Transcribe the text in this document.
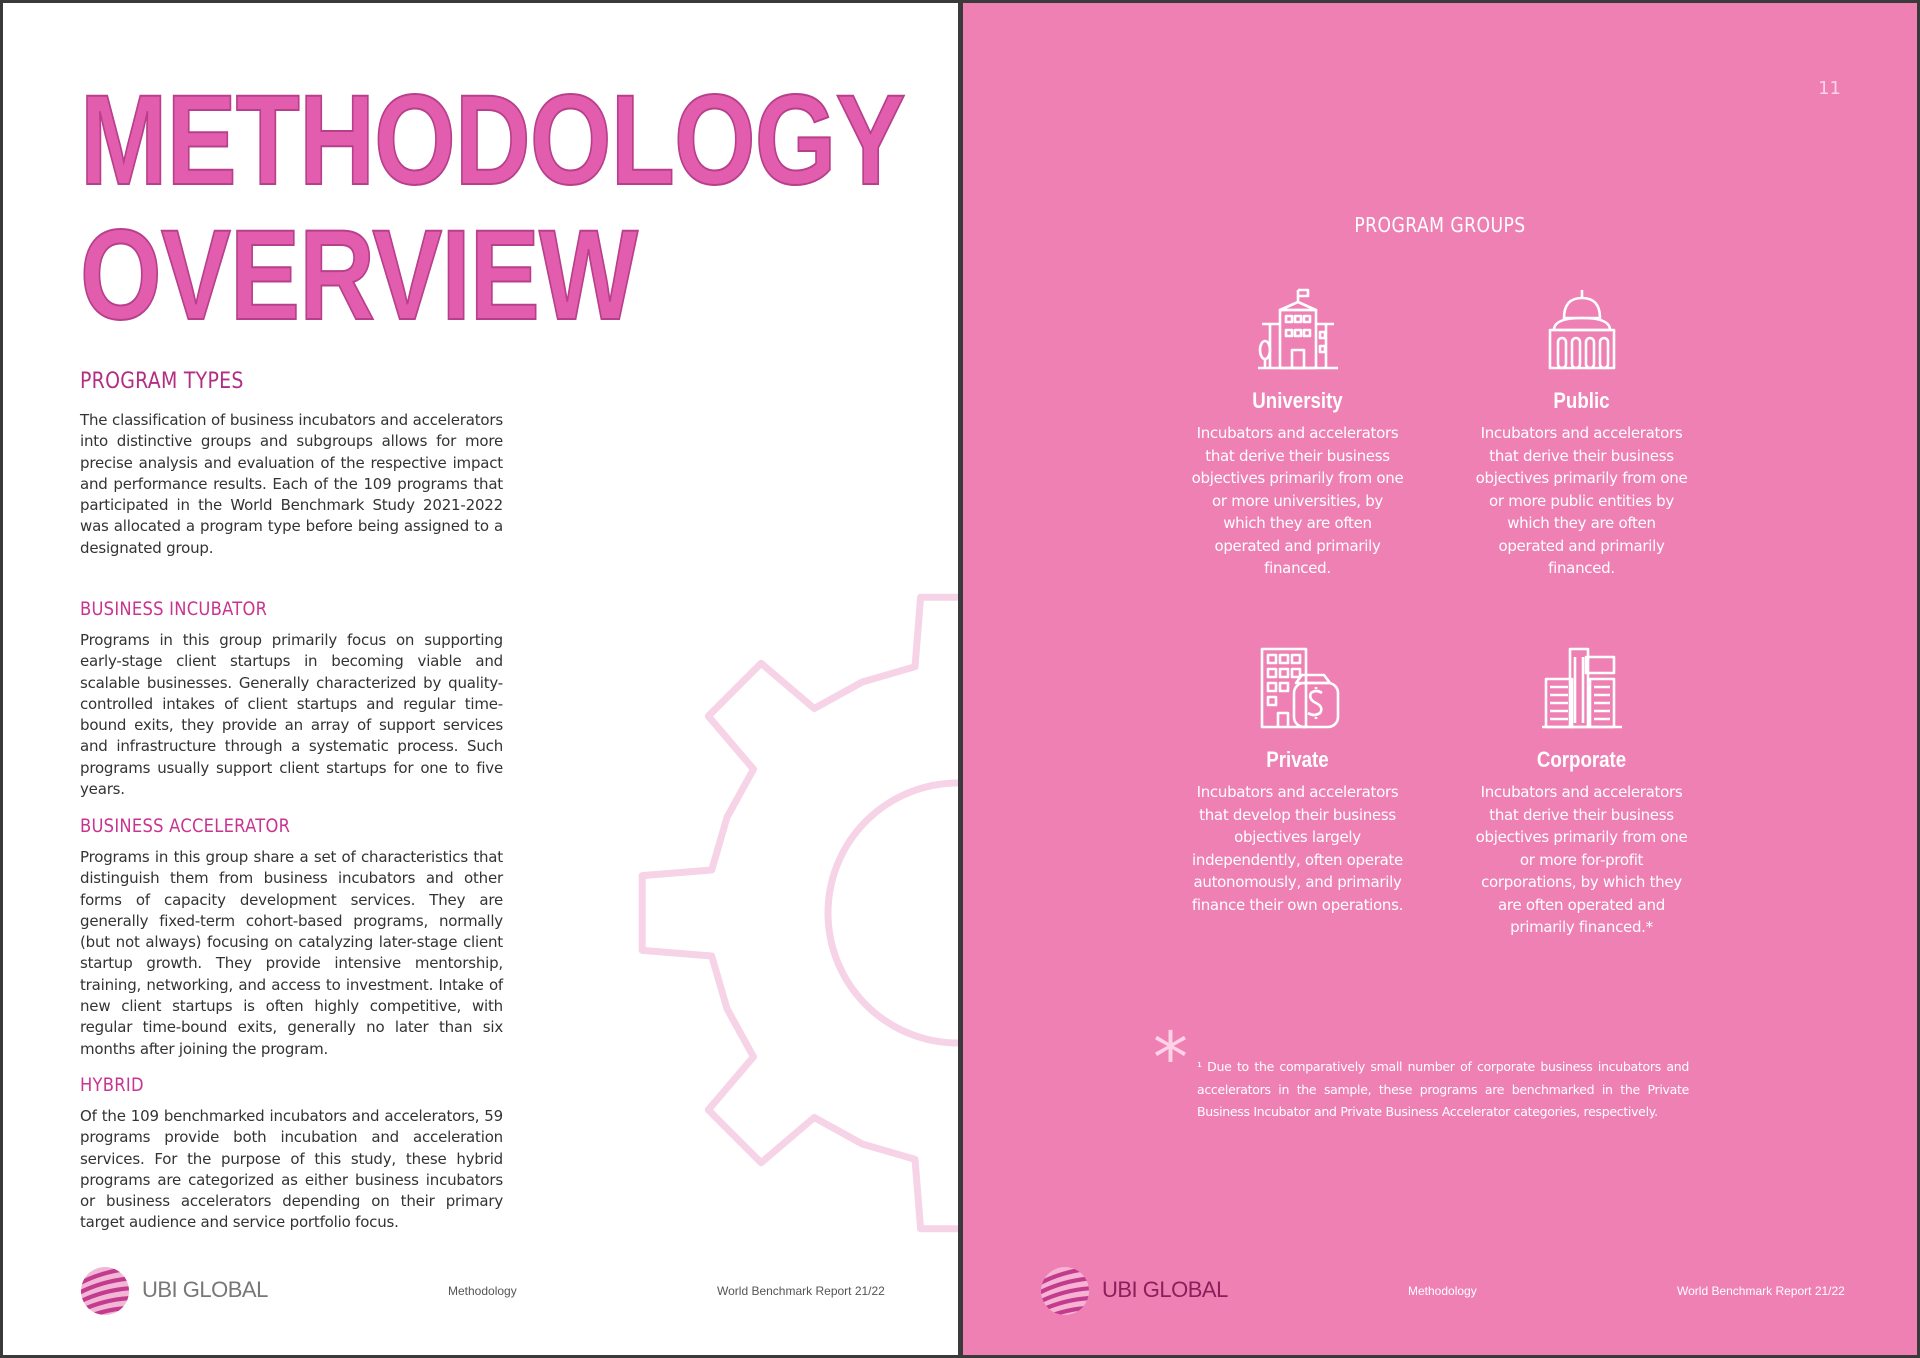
METHODOLOGY
OVERVIEW
PROGRAM TYPES

The classification of business incubators and accelerators into distinctive groups and subgroups allows for more precise analysis and evaluation of the respective impact and performance results. Each of the 109 programs that participated in the World Benchmark Study 2021-2022 was allocated a program type before being assigned to a designated group.

BUSINESS INCUBATOR

Programs in this group primarily focus on supporting early-stage client startups in becoming viable and scalable businesses. Generally characterized by quality-controlled intakes of client startups and regular time-bound exits, they provide an array of support services and infrastructure through a systematic process. Such programs usually support client startups for one to five years.

BUSINESS ACCELERATOR

Programs in this group share a set of characteristics that distinguish them from business incubators and other forms of capacity development services. They are generally fixed-term cohort-based programs, normally (but not always) focusing on catalyzing later-stage client startup growth. They provide intensive mentorship, training, networking, and access to investment. Intake of new client startups is often highly competitive, with regular time-bound exits, generally no later than six months after joining the program.

HYBRID

Of the 109 benchmarked incubators and accelerators, 59 programs provide both incubation and acceleration services. For the purpose of this study, these hybrid programs are categorized as either business incubators or business accelerators depending on their primary target audience and service portfolio focus.

UBI GLOBAL	Methodology	World Benchmark Report 21/22
11
PROGRAM GROUPS
University
Incubators and accelerators that derive their business objectives primarily from one or more universities, by which they are often operated and primarily financed.
Public
Incubators and accelerators that derive their business objectives primarily from one or more public entities by which they are often operated and primarily financed.
Private
Incubators and accelerators that develop their business objectives largely independently, often operate autonomously, and primarily finance their own operations.
Corporate
Incubators and accelerators that derive their business objectives primarily from one or more for-profit corporations, by which they are often operated and primarily financed.*
* ¹ Due to the comparatively small number of corporate business incubators and accelerators in the sample, these programs are benchmarked in the Private Business Incubator and Private Business Accelerator categories, respectively.
UBI GLOBAL	Methodology	World Benchmark Report 21/22
